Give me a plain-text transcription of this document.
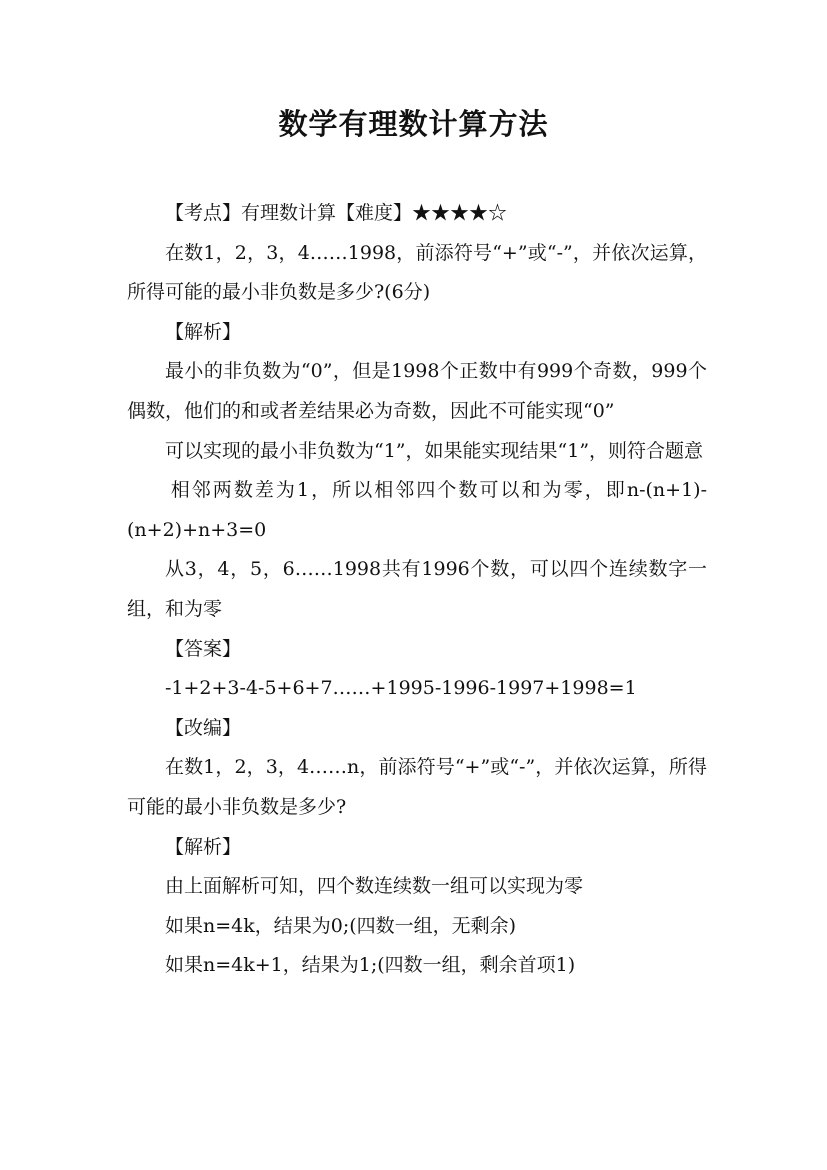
数学有理数计算方法

【考点】有理数计算【难度】★★★★☆

在数1，2，3，4……1998，前添符号“+”或“-”，并依次运算，所得可能的最小非负数是多少?(6分)

【解析】

最小的非负数为“0”，但是1998个正数中有999个奇数，999个偶数，他们的和或者差结果必为奇数，因此不可能实现“0”

可以实现的最小非负数为“1”，如果能实现结果“1”，则符合题意

相邻两数差为1，所以相邻四个数可以和为零，即n-(n+1)-(n+2)+n+3=0

从3，4，5，6……1998共有1996个数，可以四个连续数字一组，和为零

【答案】

-1+2+3-4-5+6+7……+1995-1996-1997+1998=1

【改编】

在数1，2，3，4……n，前添符号“+”或“-”，并依次运算，所得可能的最小非负数是多少?

【解析】

由上面解析可知，四个数连续数一组可以实现为零

如果n=4k，结果为0;(四数一组，无剩余)

如果n=4k+1，结果为1;(四数一组，剩余首项1)
